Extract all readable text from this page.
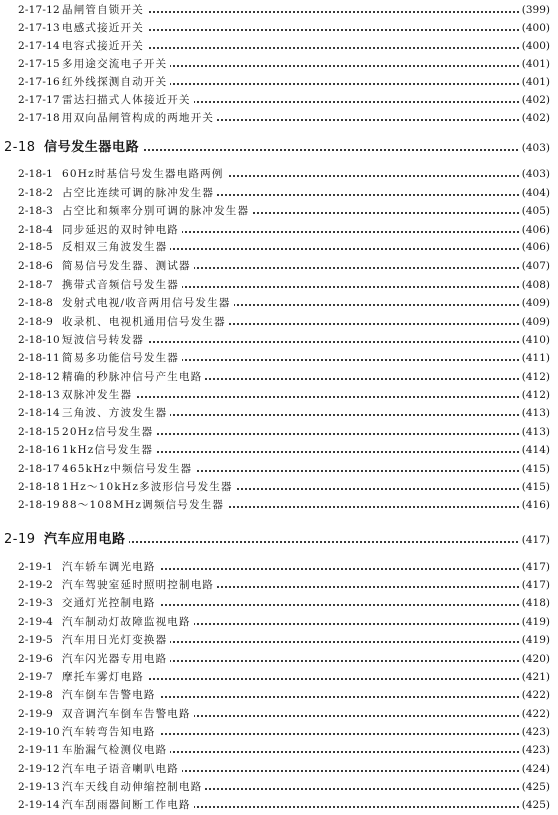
2-17-12 晶闸管自锁开关	(399)
2-17-13 电感式接近开关	(400)
2-17-14 电容式接近开关	(400)
2-17-15 多用途交流电子开关	(401)
2-17-16 红外线探测自动开关	(401)
2-17-17 雷达扫描式人体接近开关	(402)
2-17-18 用双向晶闸管构成的两地开关	(402)
2-18 信号发生器电路	(403)
2-18-1 60Hz时基信号发生器电路两例	(403)
2-18-2 占空比连续可调的脉冲发生器	(404)
2-18-3 占空比和频率分别可调的脉冲发生器	(405)
2-18-4 同步延迟的双时钟电路	(406)
2-18-5 反相双三角波发生器	(406)
2-18-6 简易信号发生器、测试器	(407)
2-18-7 携带式音频信号发生器	(408)
2-18-8 发射式电视/收音两用信号发生器	(409)
2-18-9 收录机、电视机通用信号发生器	(409)
2-18-10 短波信号转发器	(410)
2-18-11 简易多功能信号发生器	(411)
2-18-12 精确的秒脉冲信号产生电路	(412)
2-18-13 双脉冲发生器	(412)
2-18-14 三角波、方波发生器	(413)
2-18-15 20Hz信号发生器	(413)
2-18-16 1kHz信号发生器	(414)
2-18-17 465kHz中频信号发生器	(415)
2-18-18 1Hz～10kHz多波形信号发生器	(415)
2-18-19 88～108MHz调频信号发生器	(416)
2-19 汽车应用电路	(417)
2-19-1 汽车轿车调光电路	(417)
2-19-2 汽车驾驶室延时照明控制电路	(417)
2-19-3 交通灯光控制电路	(418)
2-19-4 汽车制动灯故障监视电路	(419)
2-19-5 汽车用日光灯变换器	(419)
2-19-6 汽车闪光器专用电路	(420)
2-19-7 摩托车雾灯电路	(421)
2-19-8 汽车倒车告警电路	(422)
2-19-9 双音调汽车倒车告警电路	(422)
2-19-10 汽车转弯告知电路	(423)
2-19-11 车胎漏气检测仪电路	(423)
2-19-12 汽车电子语音喇叭电路	(424)
2-19-13 汽车天线自动伸缩控制电路	(425)
2-19-14 汽车刮雨器间断工作电路	(425)
